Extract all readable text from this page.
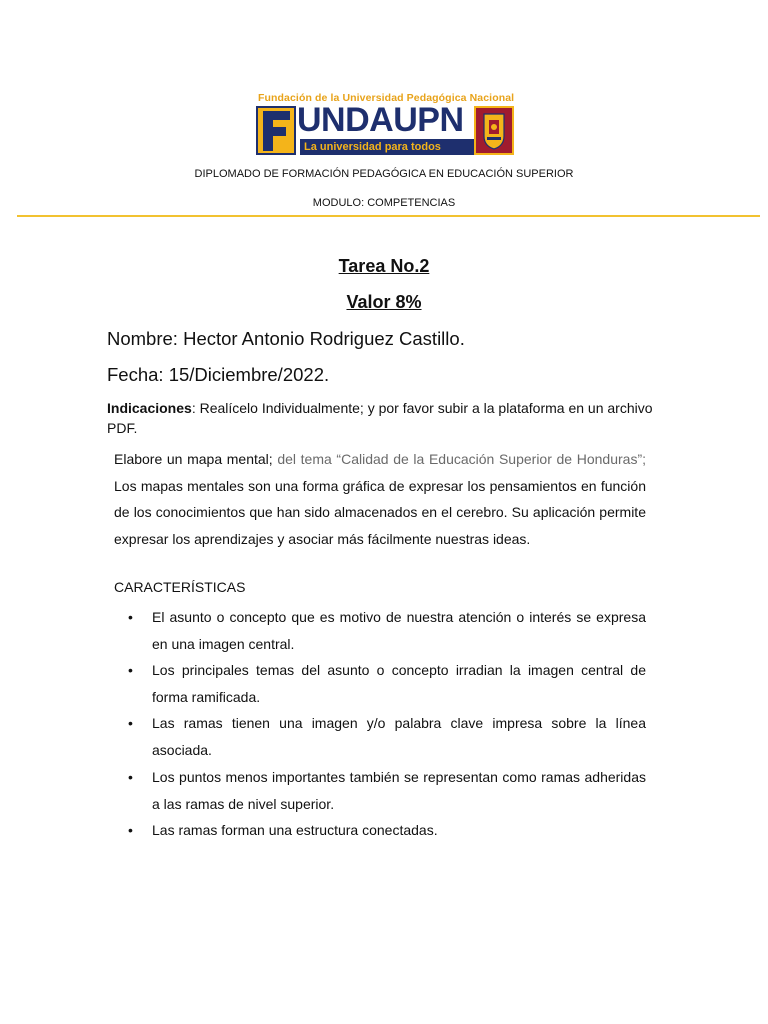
Fundación de la Universidad Pedagógica Nacional
UNDAUPN
La universidad para todos
DIPLOMADO DE FORMACIÓN PEDAGÓGICA EN EDUCACIÓN SUPERIOR
MODULO: COMPETENCIAS
Tarea No.2
Valor 8%
Nombre: Hector Antonio Rodriguez Castillo.
Fecha: 15/Diciembre/2022.
Indicaciones: Realícelo Individualmente; y por favor subir a la plataforma en un archivo PDF.
Elabore un mapa mental; del tema “Calidad de la Educación Superior de Honduras”; Los mapas mentales son una forma gráfica de expresar los pensamientos en función de los conocimientos que han sido almacenados en el cerebro. Su aplicación permite expresar los aprendizajes y asociar más fácilmente nuestras ideas.
CARACTERÍSTICAS
• El asunto o concepto que es motivo de nuestra atención o interés se expresa en una imagen central.
• Los principales temas del asunto o concepto irradian la imagen central de forma ramificada.
• Las ramas tienen una imagen y/o palabra clave impresa sobre la línea asociada.
• Los puntos menos importantes también se representan como ramas adheridas a las ramas de nivel superior.
• Las ramas forman una estructura conectadas.
